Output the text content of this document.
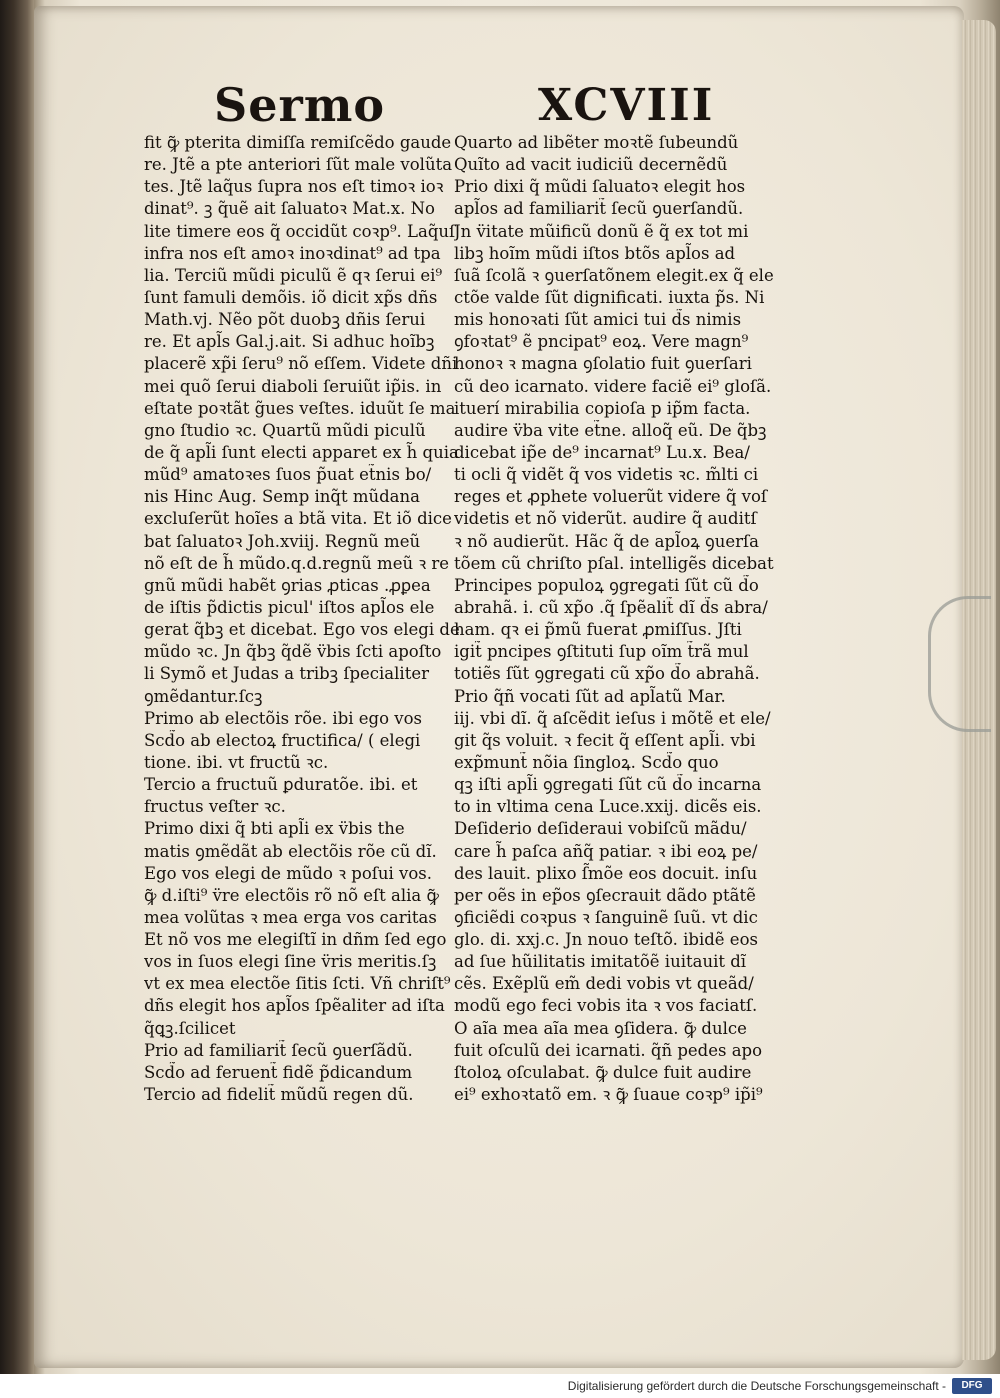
Sermo	XCVIII
fit ꝙ̃ pterita dimiſſa remiſcẽdo gaude
re. Jtẽ a pte anteriori ſũt male volũta
tes. Jtẽ laq̃us ſupra nos eſt timoꝛ ioꝛ
dinat⁹. ꝫ q̃uẽ ait ſaluatoꝛ Mat.x. No
lite timere eos q̃ occidũt coꝛp⁹. Laq̃uſ
infra nos eſt amoꝛ inoꝛdinat⁹ ad tpa
lia. Terciũ mũdi piculũ ẽ qꝛ ſerui ei⁹
ſunt famuli demõis. iõ dicit xp̃s dñs
Math.vj. Nẽo põt duobꝫ dñis ſerui
re. Et apl̃s Gal.j.ait. Si adhuc hoĩbꝫ
placerẽ xp̃i ſeru⁹ nõ eſſem. Videte dñi
mei quõ ſerui diaboli ſeruiũt ip̃is. in
eſtate poꝛtãt g̃ues veſtes. iduũt ſe ma
gno ſtudio ꝛc. Quartũ mũdi piculũ
de q̃ apl̃i ſunt electi apparet ex h̃ quia
mũd⁹ amatoꝛes ſuos p̃uat et̃nis bo/
nis Hinc Aug. Semp inq̃t mũdana
excluſerũt hoĩes a btã vita. Et iõ dice
bat ſaluatoꝛ Joh.xviij. Regnũ meũ
nõ eſt de h̃ mũdo.q.d.regnũ meũ ꝛ re
gnũ mũdi habẽt ꝯrias ꝓticas .ꝓꝑea
de iſtis p̃dictis picul' iſtos apl̃os ele
gerat q̃bꝫ et dicebat. Ego vos elegi de
mũdo ꝛc. Jn q̃bꝫ q̃dẽ v̈bis ſcti apoſto
li Symõ et Judas a tribꝫ ſpecialiter
ꝯmẽdantur.ſcꝫ
Primo ab electõis rõe. ibi ego vos
Scd̃o ab electoꝝ fructifica/ ( elegi
tione. ibi. vt fructũ ꝛc.
Tercio a fructuũ ꝑduratõe. ibi. et
fructus veſter ꝛc.
Primo dixi q̃ bti apl̃i ex v̈bis the
matis ꝯmẽdãt ab electõis rõe cũ dĩ.
Ego vos elegi de mũdo ꝛ poſui vos.
ꝙ̃ d.iſti⁹ v̈re electõis rõ nõ eſt alia ꝙ̃
mea volũtas ꝛ mea erga vos caritas
Et nõ vos me elegiſtĩ in dñm ſed ego
vos in ſuos elegi ſine v̈ris meritis.ſꝫ
vt ex mea electõe ſitis ſcti. Vñ chriſt⁹
dñs elegit hos apl̃os ſpẽaliter ad iſta
q̃ꝗꝫ.ſcilicet
Prio ad familiarit̃ ſecũ ꝯuerſãdũ.
Scd̃o ad feruent̃ fidẽ p̃dicandum
Tercio ad fidelit̃ mũdũ regen dũ.
Quarto ad libẽter moꝛtẽ ſubeundũ
Quĩto ad vacit iudiciũ decernẽdũ
Prio dixi q̃ mũdi ſaluatoꝛ elegit hos
apl̃os ad familiarit̃ ſecũ ꝯuerſandũ.
Jn v̈itate mũificũ donũ ẽ q̃ ex tot mi
libꝫ hoĩm mũdi iſtos btõs apl̃os ad
ſuã ſcolã ꝛ ꝯuerſatõnem elegit.ex q̃ ele
ctõe valde ſũt dignificati. iuxta p̃s. Ni
mis honoꝛati ſũt amici tui d̃s nimis
ꝯfoꝛtat⁹ ẽ pncipat⁹ eoꝝ. Vere magn⁹
honoꝛ ꝛ magna ꝯſolatio fuit ꝯuerſari
cũ deo icarnato. videre faciẽ ei⁹ gloſã.
ituerí mirabilia copioſa p ip̃m facta.
audire v̈ba vite et̃ne. alloq̃ eũ. De q̃bꝫ
dicebat ip̃e de⁹ incarnat⁹ Lu.x. Bea/
ti ocli q̃ vidẽt q̃ vos videtis ꝛc. m̃lti ci
reges et ꝓphete voluerũt videre q̃ voſ
videtis et nõ viderũt. audire q̃ auditſ
ꝛ nõ audierũt. Hãc q̃ de apl̃oꝝ ꝯuerſa
tõem cũ chriſto pſal. intelligẽs dicebat
Principes populoꝝ ꝯgregati ſũt cũ d̃o
abrahã. i. cũ xp̃o .q̃ ſpẽalit̃ dĩ d̃s abra/
ham. qꝛ ei p̃mũ fuerat ꝓmiſſus. Jſti
igit̃ pncipes ꝯſtituti ſup oĩm t̃rã mul
totiẽs ſũt ꝯgregati cũ xp̃o d̃o abrahã.
Prio q̃ñ vocati ſũt ad apl̃atũ Mar.
iij. vbi dĩ. q̃ aſcẽdit ieſus i mõtẽ et ele/
git q̃s voluit. ꝛ fecit q̃ eſſent apl̃i. vbi
exp̃munt̃ nõia ſingloꝝ. Scd̃o quo
qꝫ iſti apl̃i ꝯgregati ſũt cũ d̃o incarna
to in vltima cena Luce.xxij. dicẽs eis.
Deſiderio deſideraui vobiſcũ mãdu/
care h̃ paſca añq̃ patiar. ꝛ ibi eoꝝ pe/
des lauit. plixo ſ̃mõe eos docuit. inſu
per oẽs in ep̃os ꝯſecrauit dãdo ptãtẽ
ꝯficiẽdi coꝛpus ꝛ ſanguinẽ ſuũ. vt dic
glo. di. xxj.c. Jn nouo teſtõ. ibidẽ eos
ad ſue hũilitatis imitatõẽ iuitauit dĩ
cẽs. Exẽplũ em̃ dedi vobis vt queãd/
modũ ego feci vobis ita ꝛ vos faciatſ.
O aĩa mea aĩa mea ꝯſidera. ꝙ̃ dulce
fuit oſculũ dei icarnati. q̃ñ pedes apo
ſtoloꝝ oſculabat. ꝙ̃ dulce fuit audire
ei⁹ exhoꝛtatõ em. ꝛ ꝙ̃ ſuaue coꝛp⁹ ip̃i⁹
Digitalisierung gefördert durch die Deutsche Forschungsgemeinschaft -	DFG
